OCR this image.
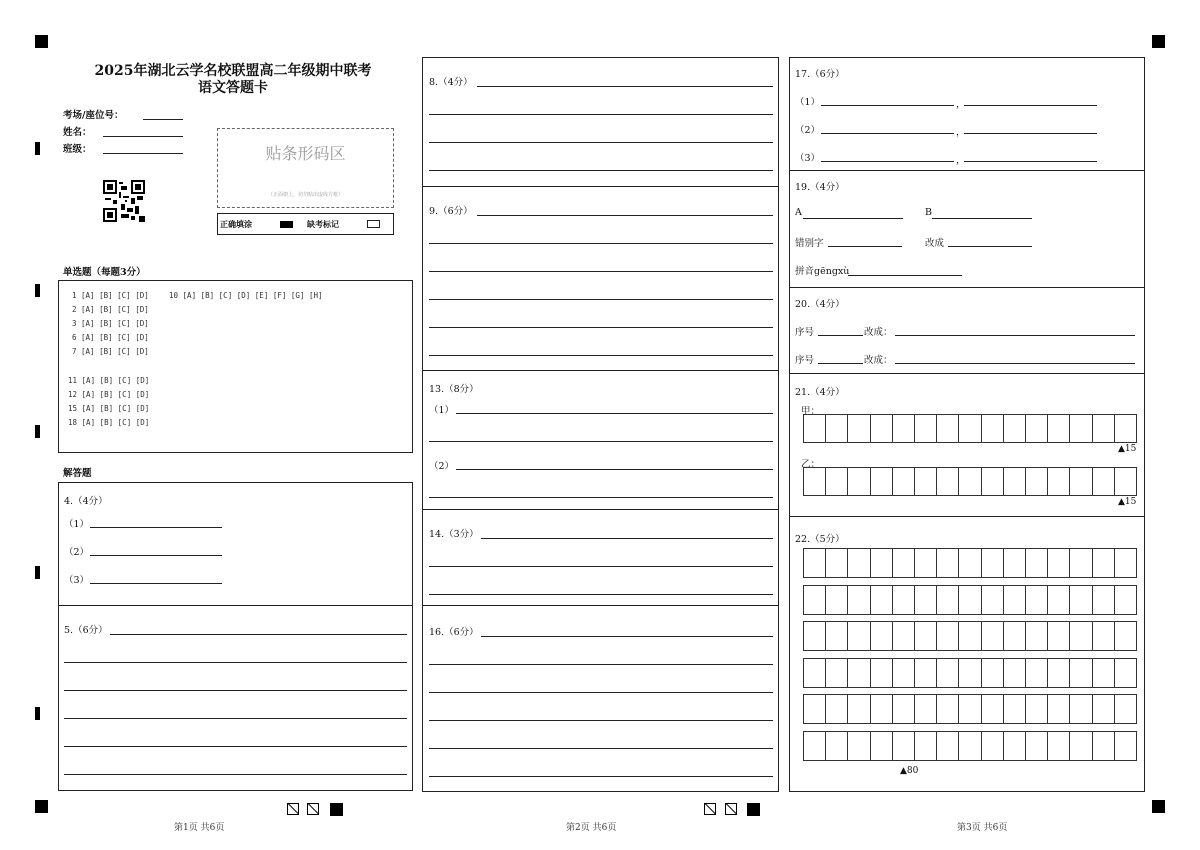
2025年湖北云学名校联盟高二年级期中联考
语文答题卡
考场/座位号：
姓名：
班级：	贴条形码区
（正面朝上，切勿贴出虚线方框）
正确填涂	缺考标记
单选题（每题3分）
1 [A] [B] [C] [D]
2 [A] [B] [C] [D]
3 [A] [B] [C] [D]
6 [A] [B] [C] [D]
7 [A] [B] [C] [D]
11 [A] [B] [C] [D]
12 [A] [B] [C] [D]
15 [A] [B] [C] [D]
18 [A] [B] [C] [D]
10 [A] [B] [C] [D] [E] [F] [G] [H]
解答题
4.（4分）
（1）
（2）
（3）
5.（6分）
8.（4分）
9.（6分）
13.（8分）
（1）
（2）
14.（3分）
16.（6分）
17.（6分）
（1）	，
（2）	，
（3）	，
19.（4分）
A	B
错别字	改成
拼音gēngxù
20.（4分）
序号	改成：
序号	改成：
21.（4分）
甲：
▲15
乙：
▲15
22.（5分）
▲80
第1页 共6页	第2页 共6页	第3页 共6页
